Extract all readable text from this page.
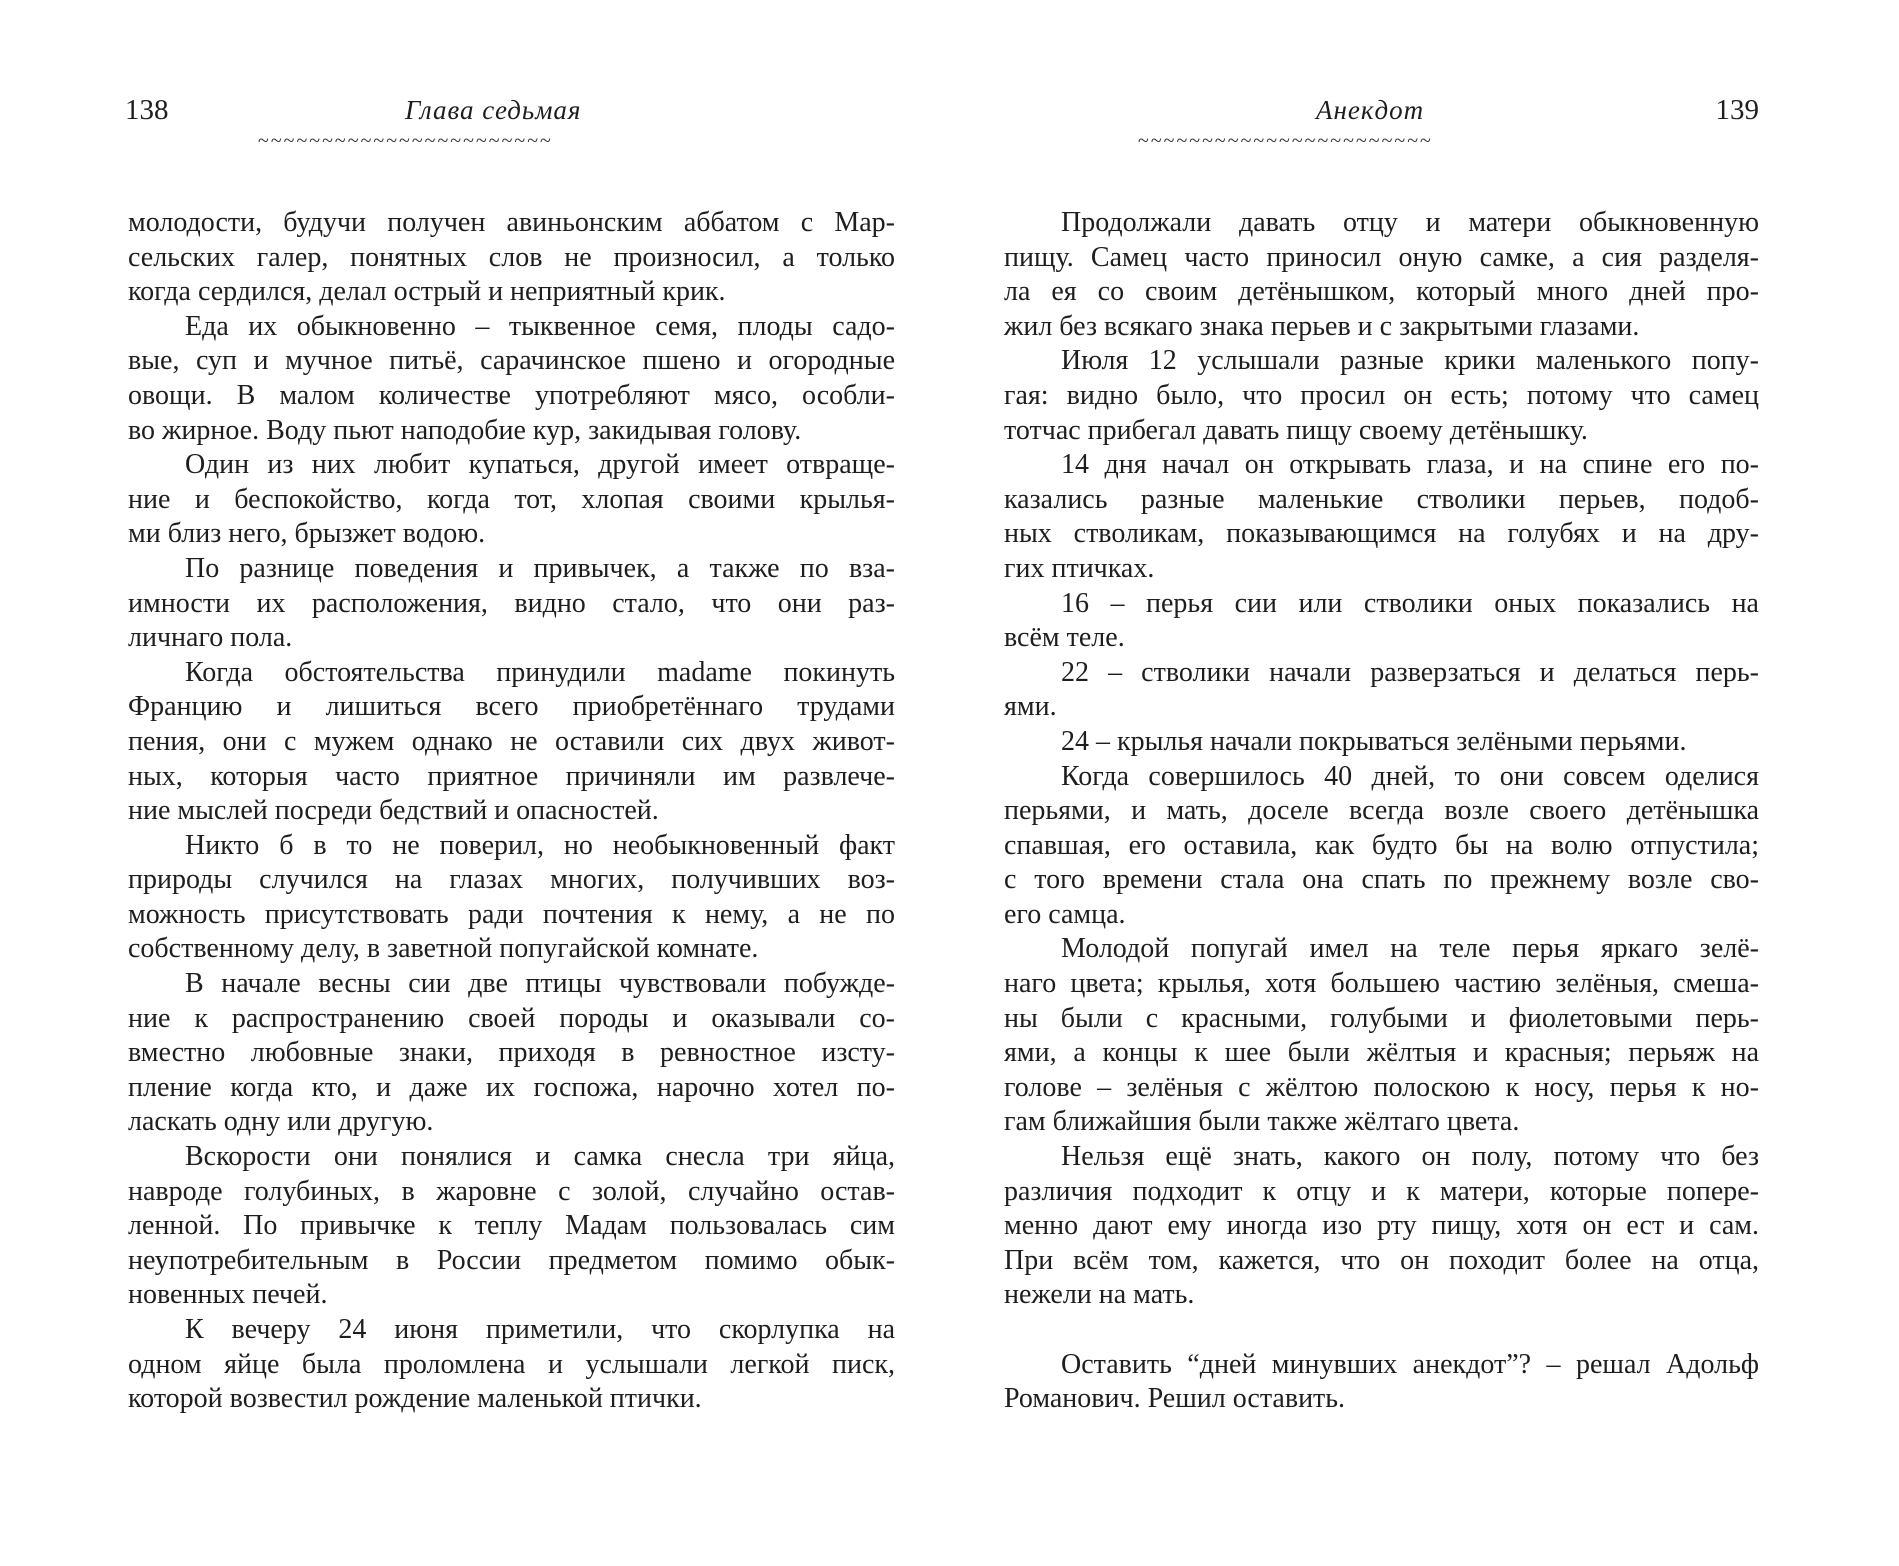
138	Глава седьмая
~~~~~~~~~~~~~~~~~~~~~~~
молодости, будучи получен авиньонским аббатом с Мар-
сельских галер, понятных слов не произносил, а только
когда сердился, делал острый и неприятный крик.
Еда их обыкновенно – тыквенное семя, плоды садо-
вые, суп и мучное питьё, сарачинское пшено и огородные
овощи. В малом количестве употребляют мясо, особли-
во жирное. Воду пьют наподобие кур, закидывая голову.
Один из них любит купаться, другой имеет отвраще-
ние и беспокойство, когда тот, хлопая своими крылья-
ми близ него, брызжет водою.
По разнице поведения и привычек, а также по вза-
имности их расположения, видно стало, что они раз-
личнаго пола.
Когда обстоятельства принудили madame покинуть
Францию и лишиться всего приобретённаго трудами
пения, они с мужем однако не оставили сих двух живот-
ных, которыя часто приятное причиняли им развлече-
ние мыслей посреди бедствий и опасностей.
Никто б в то не поверил, но необыкновенный факт
природы случился на глазах многих, получивших воз-
можность присутствовать ради почтения к нему, а не по
собственному делу, в заветной попугайской комнате.
В начале весны сии две птицы чувствовали побужде-
ние к распространению своей породы и оказывали со-
вместно любовные знаки, приходя в ревностное изсту-
пление когда кто, и даже их госпожа, нарочно хотел по-
ласкать одну или другую.
Вскорости они понялися и самка снесла три яйца,
навроде голубиных, в жаровне с золой, случайно остав-
ленной. По привычке к теплу Мадам пользовалась сим
неупотребительным в России предметом помимо обык-
новенных печей.
К вечеру 24 июня приметили, что скорлупка на
одном яйце была проломлена и услышали легкой писк,
которой возвестил рождение маленькой птички.
Анекдот	139
~~~~~~~~~~~~~~~~~~~~~~~
Продолжали давать отцу и матери обыкновенную
пищу. Самец часто приносил оную самке, а сия разделя-
ла ея со своим детёнышком, который много дней про-
жил без всякаго знака перьев и с закрытыми глазами.
Июля 12 услышали разные крики маленького попу-
гая: видно было, что просил он есть; потому что самец
тотчас прибегал давать пищу своему детёнышку.
14 дня начал он открывать глаза, и на спине его по-
казались разные маленькие стволики перьев, подоб-
ных стволикам, показывающимся на голубях и на дру-
гих птичках.
16 – перья сии или стволики оных показались на
всём теле.
22 – стволики начали разверзаться и делаться перь-
ями.
24 – крылья начали покрываться зелёными перьями.
Когда совершилось 40 дней, то они совсем оделися
перьями, и мать, доселе всегда возле своего детёнышка
спавшая, его оставила, как будто бы на волю отпустила;
с того времени стала она спать по прежнему возле сво-
его самца.
Молодой попугай имел на теле перья яркаго зелё-
наго цвета; крылья, хотя большею частию зелёныя, смеша-
ны были с красными, голубыми и фиолетовыми перь-
ями, а концы к шее были жёлтыя и красныя; перьяж на
голове – зелёныя с жёлтою полоскою к носу, перья к но-
гам ближайшия были также жёлтаго цвета.
Нельзя ещё знать, какого он полу, потому что без
различия подходит к отцу и к матери, которые попере-
менно дают ему иногда изо рту пищу, хотя он ест и сам.
При всём том, кажется, что он походит более на отца,
нежели на мать.
Оставить “дней минувших анекдот”? – решал Адольф
Романович. Решил оставить.
